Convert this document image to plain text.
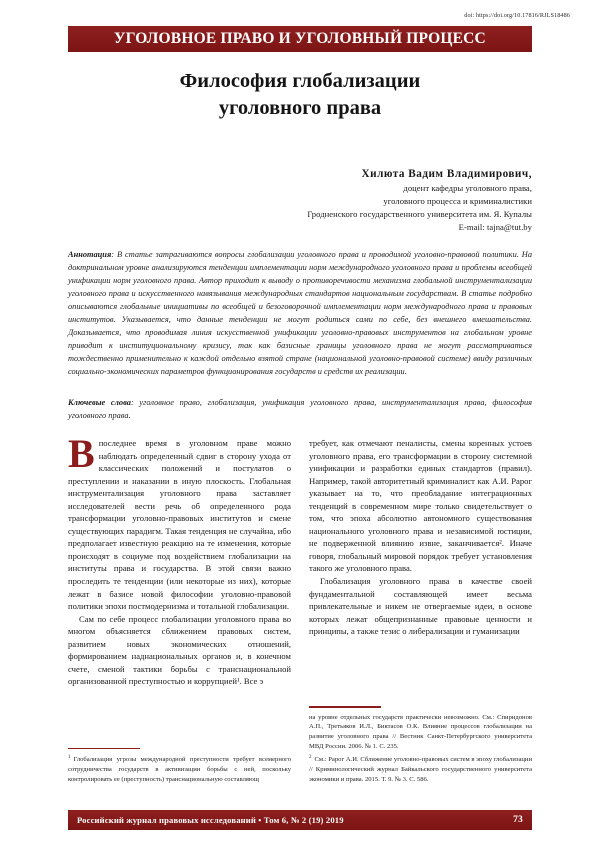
doi: https://doi.org/10.17816/RJLS18486
УГОЛОВНОЕ ПРАВО И УГОЛОВНЫЙ ПРОЦЕСС
Философия глобализации
уголовного права
Хилюта Вадим Владимирович,
доцент кафедры уголовного права,
уголовного процесса и криминалистики
Гродненского государственного университета им. Я. Купалы
E-mail: tajna@tut.by
Аннотация: В статье затрагиваются вопросы глобализации уголовного права и проводимой уголовно-правовой политики. На доктринальном уровне анализируются тенденции имплементации норм международного уголовного права и проблемы всеобщей унификации норм уголовного права. Автор приходит к выводу о противоречивости механизма глобальной инструментализации уголовного права и искусственного навязывания международных стандартов национальным государствам. В статье подробно описываются глобальные инициативы по всеобщей и безоговорочной имплементации норм международного права и правовых институтов. Указывается, что данные тенденции не могут родиться сами по себе, без внешнего вмешательства. Доказывается, что проводимая линия искусственной унификации уголовно-правовых инструментов на глобальном уровне приводит к институциональному кризису, так как базисные границы уголовного права не могут рассматриваться тождественно применительно к каждой отдельно взятой стране (национальной уголовно-правовой системе) ввиду различных социально-экономических параметров функционирования государств и средств их реализации.
Ключевые слова: уголовное право, глобализация, унификация уголовного права, инструментализация права, философия уголовного права.

В последнее время в уголовном праве можно наблюдать определенный сдвиг в сторону ухода от классических положений и постулатов о преступлении и наказании в иную плоскость. Глобальная инструментализация уголовного права заставляет исследователей вести речь об определенного рода трансформации уголовно-правовых институтов и смене существующих парадигм. Такая тенденция не случайна, ибо предполагает известную реакцию на те изменения, которые происходят в социуме под воздействием глобализации на институты права и государства. В этой связи важно проследить те тенденции (или некоторые из них), которые лежат в базисе новой философии уголовно-правовой политики эпохи постмодернизма и тотальной глобализации.

Сам по себе процесс глобализации уголовного права во многом объясняется сближением правовых систем, развитием новых экономических отношений, формированием наднациональных органов и, в конечном счете, сменой тактики борьбы с транснациональной организованной преступностью и коррупцией¹. Все э

$^1$ Глобализация угрозы международной преступности требует всемерного сотрудничества государств в активизации борьбы с ней, поскольку контролировать ее (преступность) транснациональную составляющ

требует, как отмечают пеналисты, смены коренных устоев уголовного права, его трансформации в сторону системной унификации и разработки единых стандартов (правил). Например, такой авторитетный криминалист как А.И. Рарог указывает на то, что преобладание интеграционных тенденций в современном мире только свидетельствует о том, что эпоха абсолютно автономного существования национального уголовного права и независимой юстиции, не подверженной влиянию извне, заканчивается². Иначе говоря, глобальный мировой порядок требует установления такого же уголовного права.

Глобализация уголовного права в качестве своей фундаментальной составляющей имеет весьма привлекательные и никем не отвергаемые идеи, в основе которых лежат общепризнанные правовые ценности и принципы, а также тезис о либерализации и гуманизации

на уровне отдельных государств практически невозможно. См.: Спиридонов А.П., Третьяков И.Л., Биктасов О.К. Влияние процессов глобализации на развитие уголовного права // Вестник Санкт-Петербургского университета МВД России. 2006. № 1. С. 235.

$^2$ См.: Рарог А.И. Сближение уголовно-правовых систем в эпоху глобализации // Криминологический журнал Байкальского государственного университета экономики и права. 2015. Т. 9. № 3. С. 586.

Российский журнал правовых исследований • Том 6, № 2 (19) 2019	73
